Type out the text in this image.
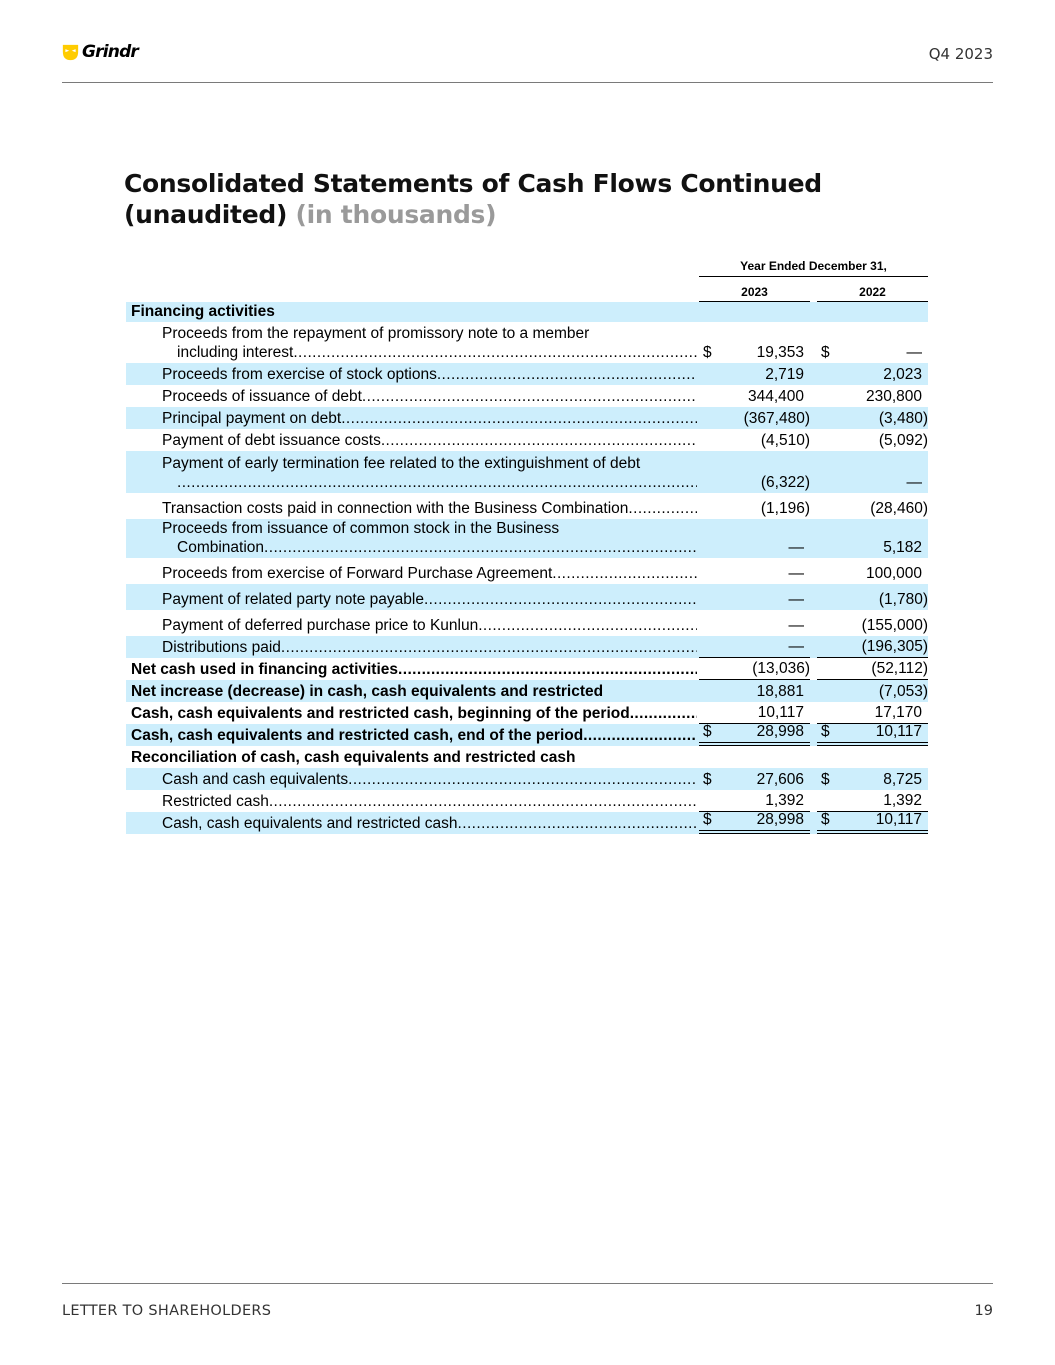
Grindr	Q4 2023
Consolidated Statements of Cash Flows Continued
(unaudited) (in thousands)
Year Ended December 31,
2023	2022
Financing activities
Proceeds from the repayment of promissory note to a member
including interest .....	$	19,353 $	—
Proceeds from exercise of stock options .....	2,719	2,023
Proceeds of issuance of debt .....	344,400	230,800
Principal payment on debt .....	(367,480)	(3,480)
Payment of debt issuance costs .....	(4,510)	(5,092)
Payment of early termination fee related to the extinguishment of debt
.....
(6,322)	—
Transaction costs paid in connection with the Business Combination .....	(1,196)	(28,460)
Proceeds from issuance of common stock in the Business
Combination .....	—	5,182
Proceeds from exercise of Forward Purchase Agreement .....	—	100,000
Payment of related party note payable .....	—	(1,780)
Payment of deferred purchase price to Kunlun .....	—	(155,000)
Distributions paid .....	—	(196,305)
Net cash used in financing activities .....	(13,036)	(52,112)
Net increase (decrease) in cash, cash equivalents and restricted	18,881	(7,053)
Cash, cash equivalents and restricted cash, beginning of the period .....	10,117	17,170
Cash, cash equivalents and restricted cash, end of the period .....	$	28,998 $	10,117
Reconciliation of cash, cash equivalents and restricted cash
Cash and cash equivalents .....	$	27,606 $	8,725
Restricted cash .....	1,392	1,392
Cash, cash equivalents and restricted cash .....	$	28,998 $	10,117
LETTER TO SHAREHOLDERS	19
